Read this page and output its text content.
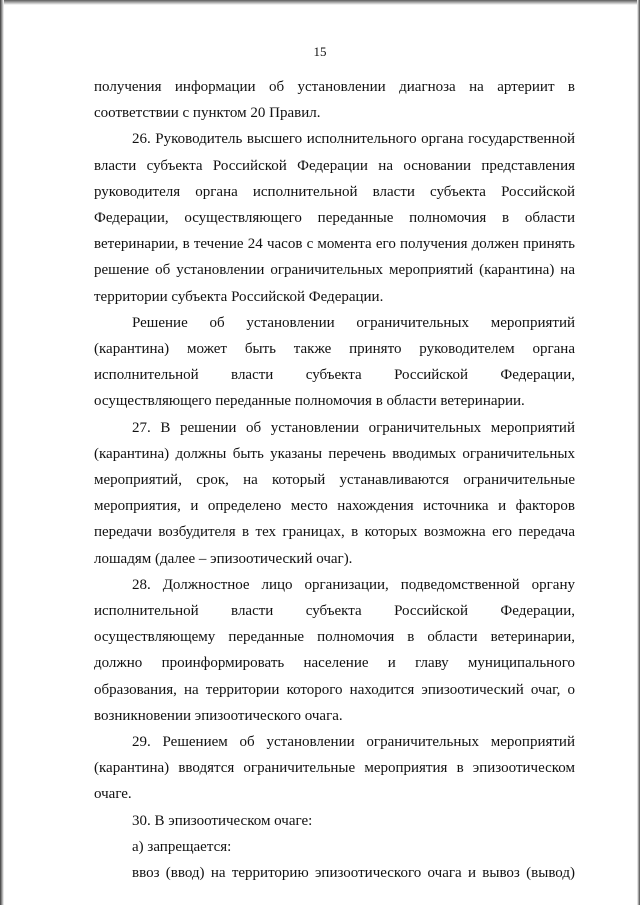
15

получения информации об установлении диагноза на артериит в соответствии с пунктом 20 Правил.

26. Руководитель высшего исполнительного органа государственной власти субъекта Российской Федерации на основании представления руководителя органа исполнительной власти субъекта Российской Федерации, осуществляющего переданные полномочия в области ветеринарии, в течение 24 часов с момента его получения должен принять решение об установлении ограничительных мероприятий (карантина) на территории субъекта Российской Федерации.

Решение об установлении ограничительных мероприятий (карантина) может быть также принято руководителем органа исполнительной власти субъекта Российской Федерации, осуществляющего переданные полномочия в области ветеринарии.

27. В решении об установлении ограничительных мероприятий (карантина) должны быть указаны перечень вводимых ограничительных мероприятий, срок, на который устанавливаются ограничительные мероприятия, и определено место нахождения источника и факторов передачи возбудителя в тех границах, в которых возможна его передача лошадям (далее – эпизоотический очаг).

28. Должностное лицо организации, подведомственной органу исполнительной власти субъекта Российской Федерации, осуществляющему переданные полномочия в области ветеринарии, должно проинформировать население и главу муниципального образования, на территории которого находится эпизоотический очаг, о возникновении эпизоотического очага.

29. Решением об установлении ограничительных мероприятий (карантина) вводятся ограничительные мероприятия в эпизоотическом очаге.

30. В эпизоотическом очаге:

а) запрещается:

ввоз (ввод) на территорию эпизоотического очага и вывоз (вывод)
